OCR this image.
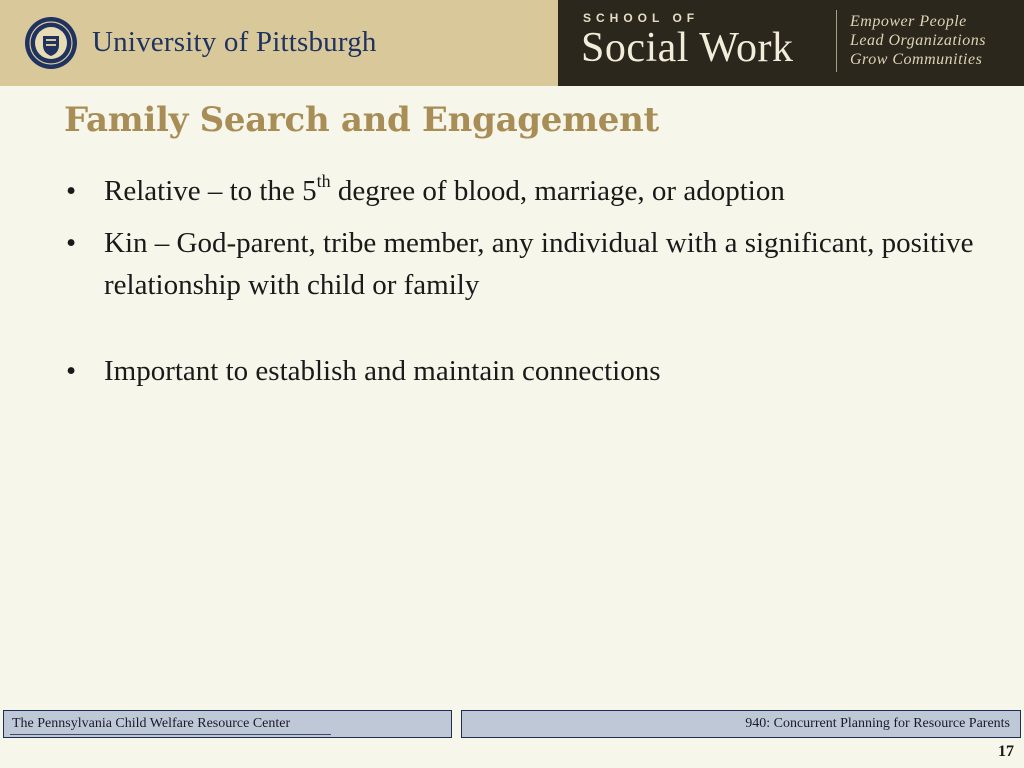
University of Pittsburgh
SCHOOL OF
Social Work
Empower People
Lead Organizations
Grow Communities
Family Search and Engagement
• Relative – to the 5th degree of blood, marriage, or adoption
• Kin – God-parent, tribe member, any individual with a significant, positive relationship with child or family
• Important to establish and maintain connections
The Pennsylvania Child Welfare Resource Center	940: Concurrent Planning for Resource Parents
17
